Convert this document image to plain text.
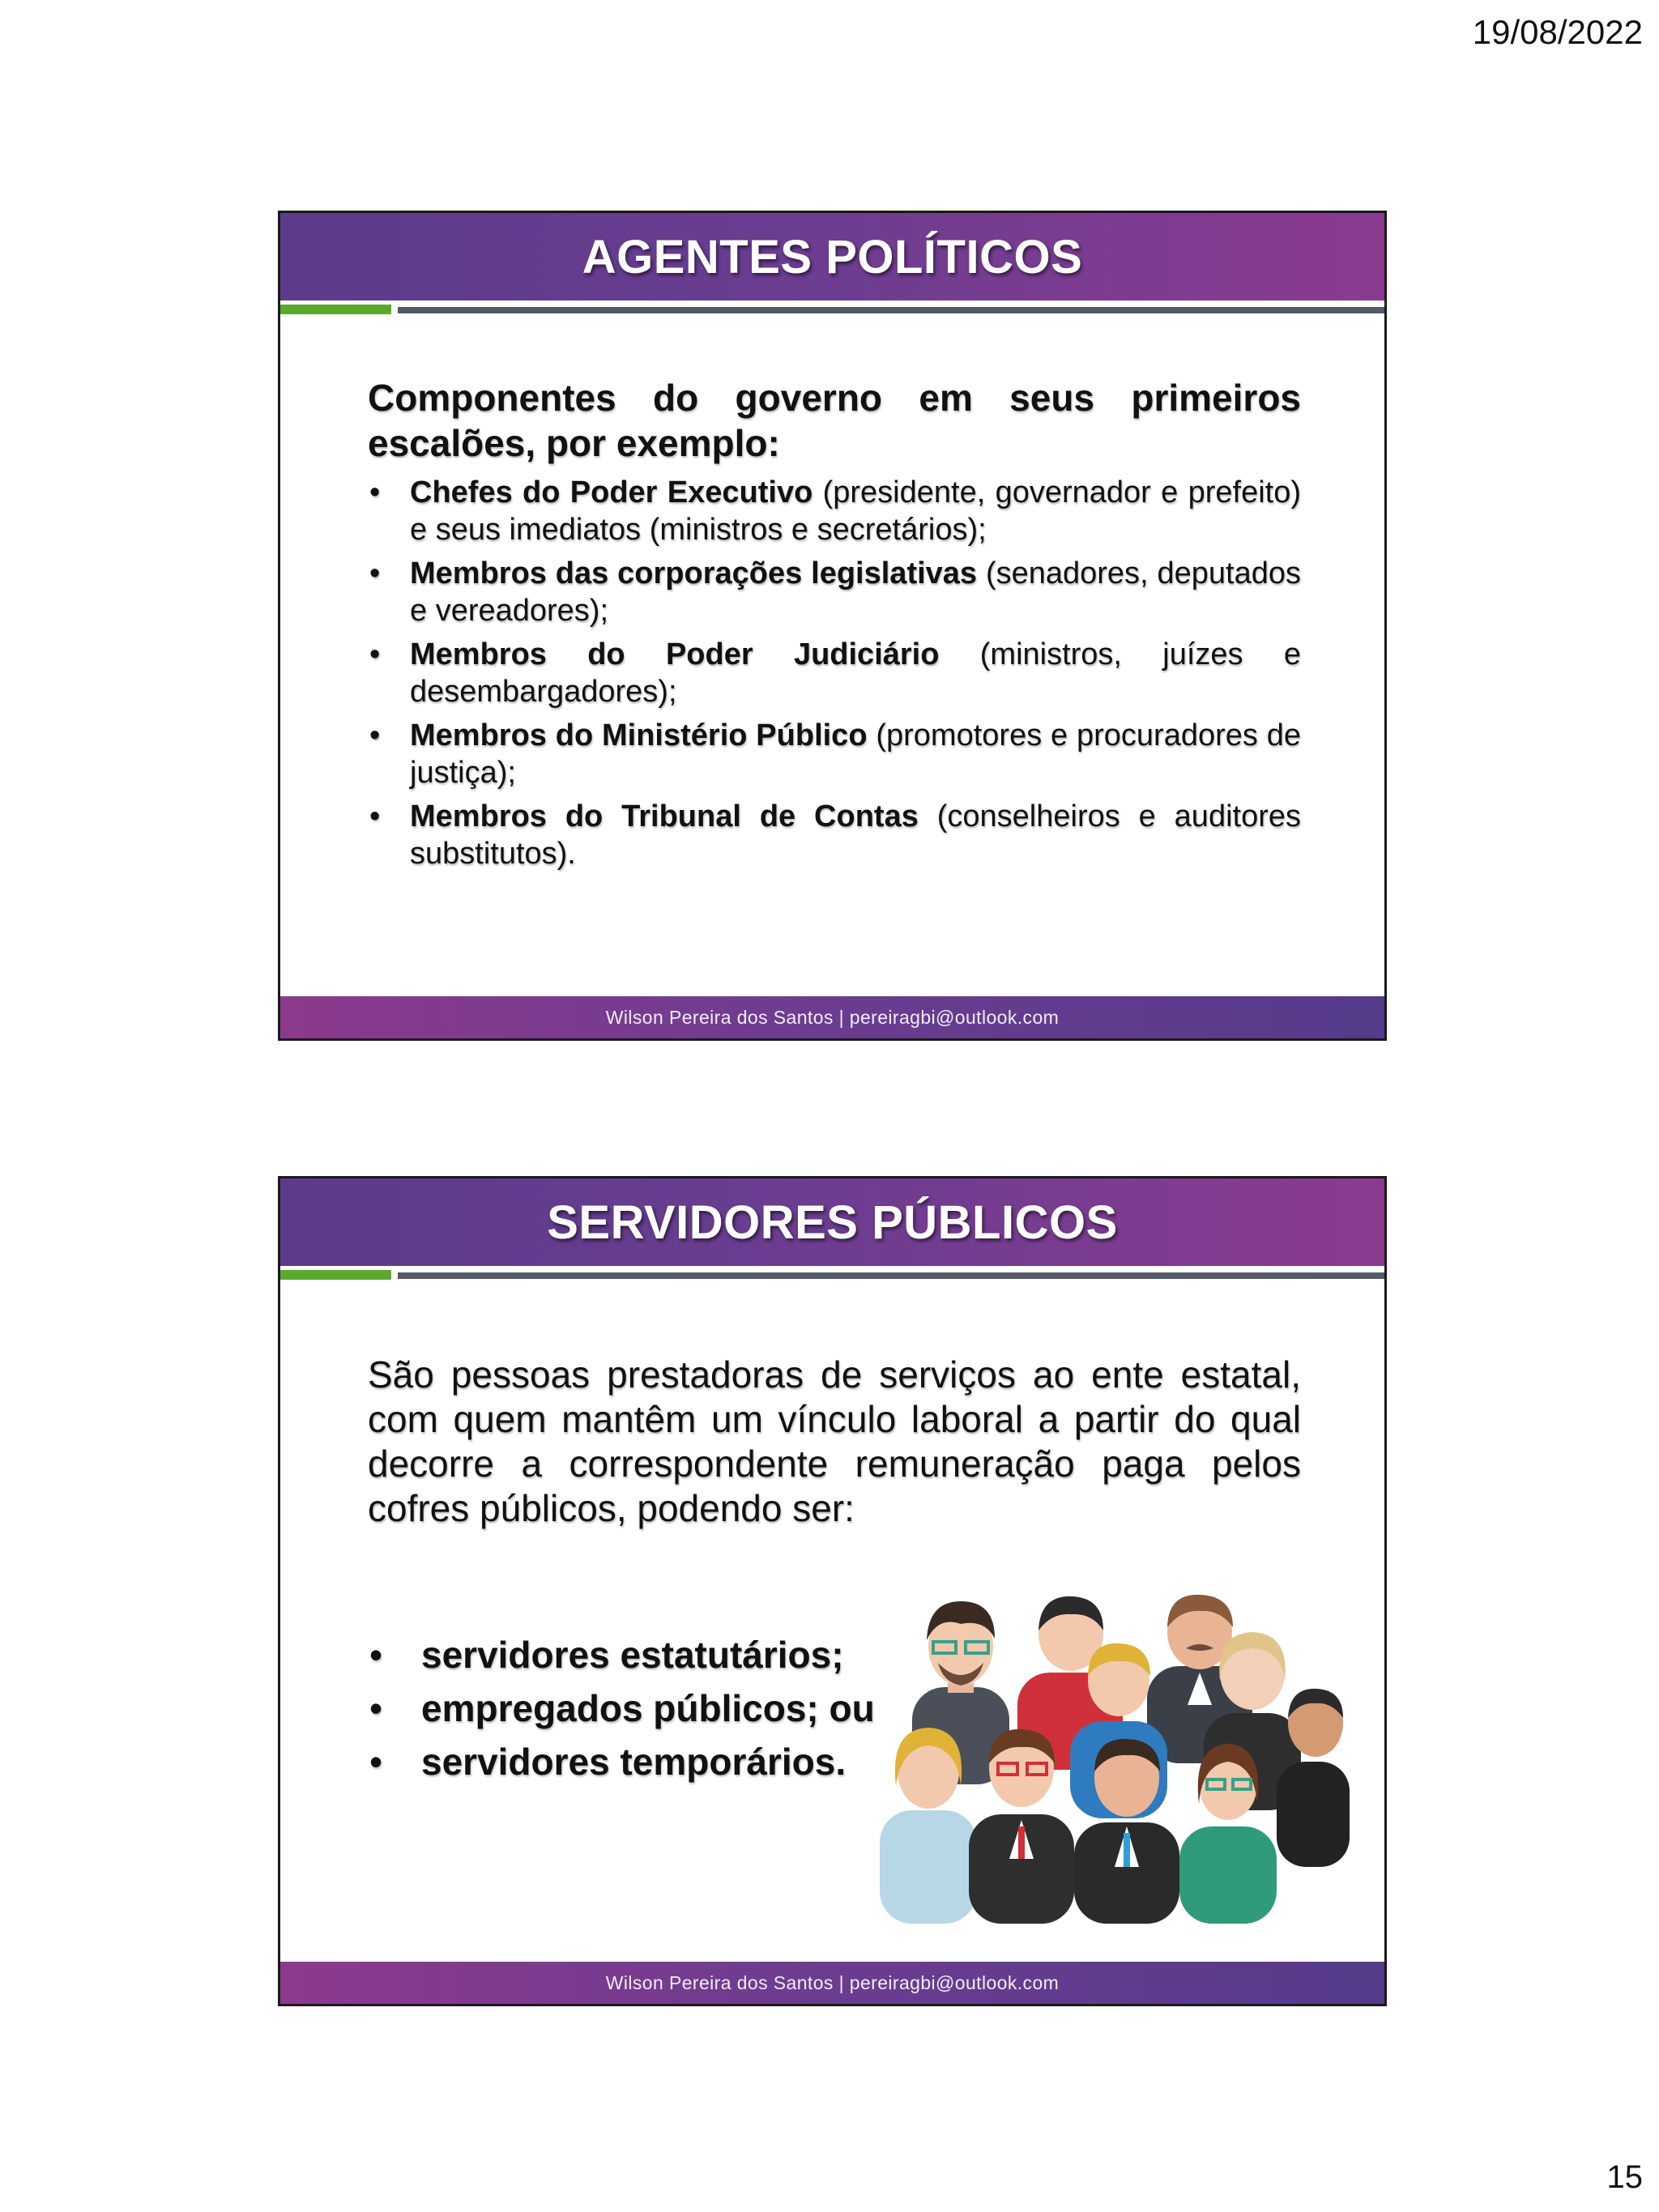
19/08/2022
AGENTES POLÍTICOS
Componentes do governo em seus primeiros escalões, por exemplo:
• Chefes do Poder Executivo (presidente, governador e prefeito) e seus imediatos (ministros e secretários);
• Membros das corporações legislativas (senadores, deputados e vereadores);
• Membros do Poder Judiciário (ministros, juízes e desembargadores);
• Membros do Ministério Público (promotores e procuradores de justiça);
• Membros do Tribunal de Contas (conselheiros e auditores substitutos).
Wilson Pereira dos Santos | pereiragbi@outlook.com
SERVIDORES PÚBLICOS
São pessoas prestadoras de serviços ao ente estatal, com quem mantêm um vínculo laboral a partir do qual decorre a correspondente remuneração paga pelos cofres públicos, podendo ser:
• servidores estatutários;
• empregados públicos; ou
• servidores temporários.
Wilson Pereira dos Santos | pereiragbi@outlook.com
15
